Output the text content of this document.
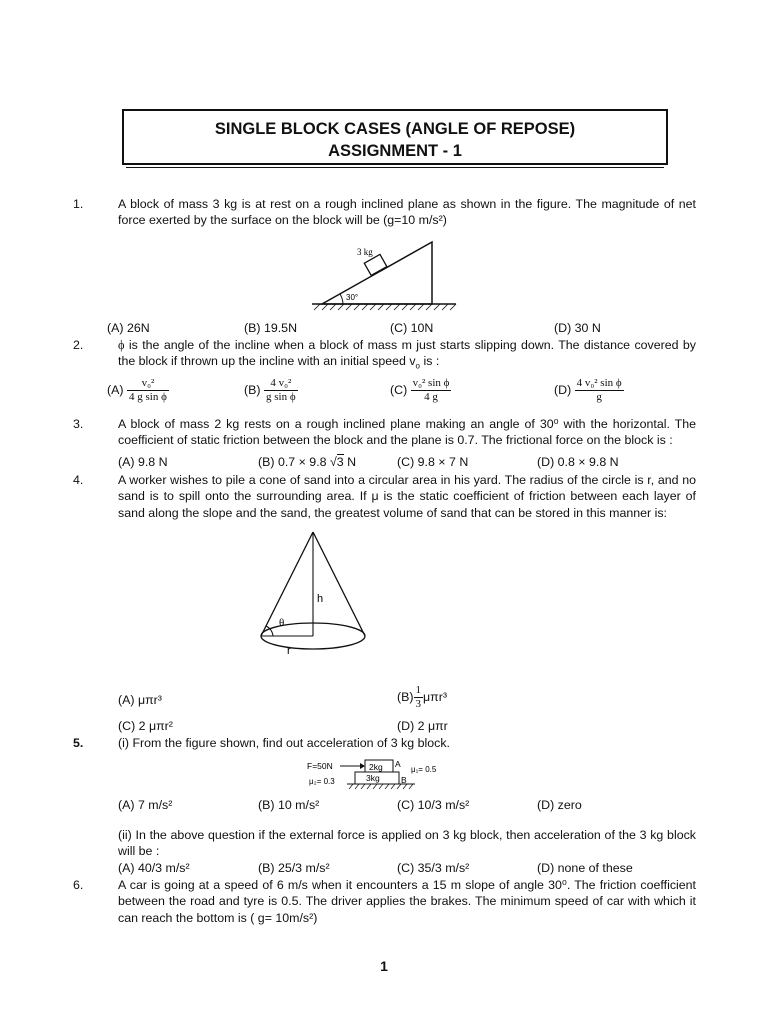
SINGLE BLOCK CASES (ANGLE OF REPOSE)
ASSIGNMENT - 1
1.	A block of mass 3 kg is at rest on a rough inclined plane as shown in the figure. The magnitude of net force exerted by the surface on the block will be (g=10 m/s²)
3 kg
30°
(A) 26N	(B) 19.5N	(C) 10N	(D) 30 N
2.	ϕ is the angle of the incline when a block of mass m just starts slipping down. The distance covered by the block if thrown up the incline with an initial speed $v_o$ is :
$(A) \frac{\text{v₀²}}{\text{4 g sin ϕ}}$	$(B) \frac{\text{4 v₀²}}{\text{g sin ϕ}}$	$(C) \frac{\text{v₀² sin ϕ}}{4 g}$	$(D) \frac{\text{4 v₀² sin ϕ}}{g}$
3.	A block of mass 2 kg rests on a rough inclined plane making an angle of 30⁰ with the horizontal. The coefficient of static friction between the block and the plane is 0.7. The frictional force on the block is :
(A) 9.8 N	(B) 0.7 × 9.8 √3 N	(C) 9.8 × 7 N	(D) 0.8 × 9.8 N
4.	A worker wishes to pile a cone of sand into a circular area in his yard. The radius of the circle is r, and no sand is to spill onto the surrounding area. If μ is the static coefficient of friction between each layer of sand along the slope and the sand, the greatest volume of sand that can be stored in this manner is:
h
θ
r
(A) μπr³	$(B) \frac{1}{3} \mu\pi r^3$
(C) 2 μπr²	(D) 2 μπr
5.	(i) From the figure shown, find out acceleration of 3 kg block.
F=50N	2kg A
μ₁= 0.5
3kg	B
μ₂= 0.3
(A) 7 m/s²	(B) 10 m/s²	(C) 10/3 m/s²	(D) zero
(ii) In the above question if the external force is applied on 3 kg block, then acceleration of the 3 kg block will be :
(A) 40/3 m/s²	(B) 25/3 m/s²	(C) 35/3 m/s²	(D) none of these
6.	A car is going at a speed of 6 m/s when it encounters a 15 m slope of angle 30⁰. The friction coefficient between the road and tyre is 0.5. The driver applies the brakes. The minimum speed of car with which it can reach the bottom is ( g= 10m/s²)
1
